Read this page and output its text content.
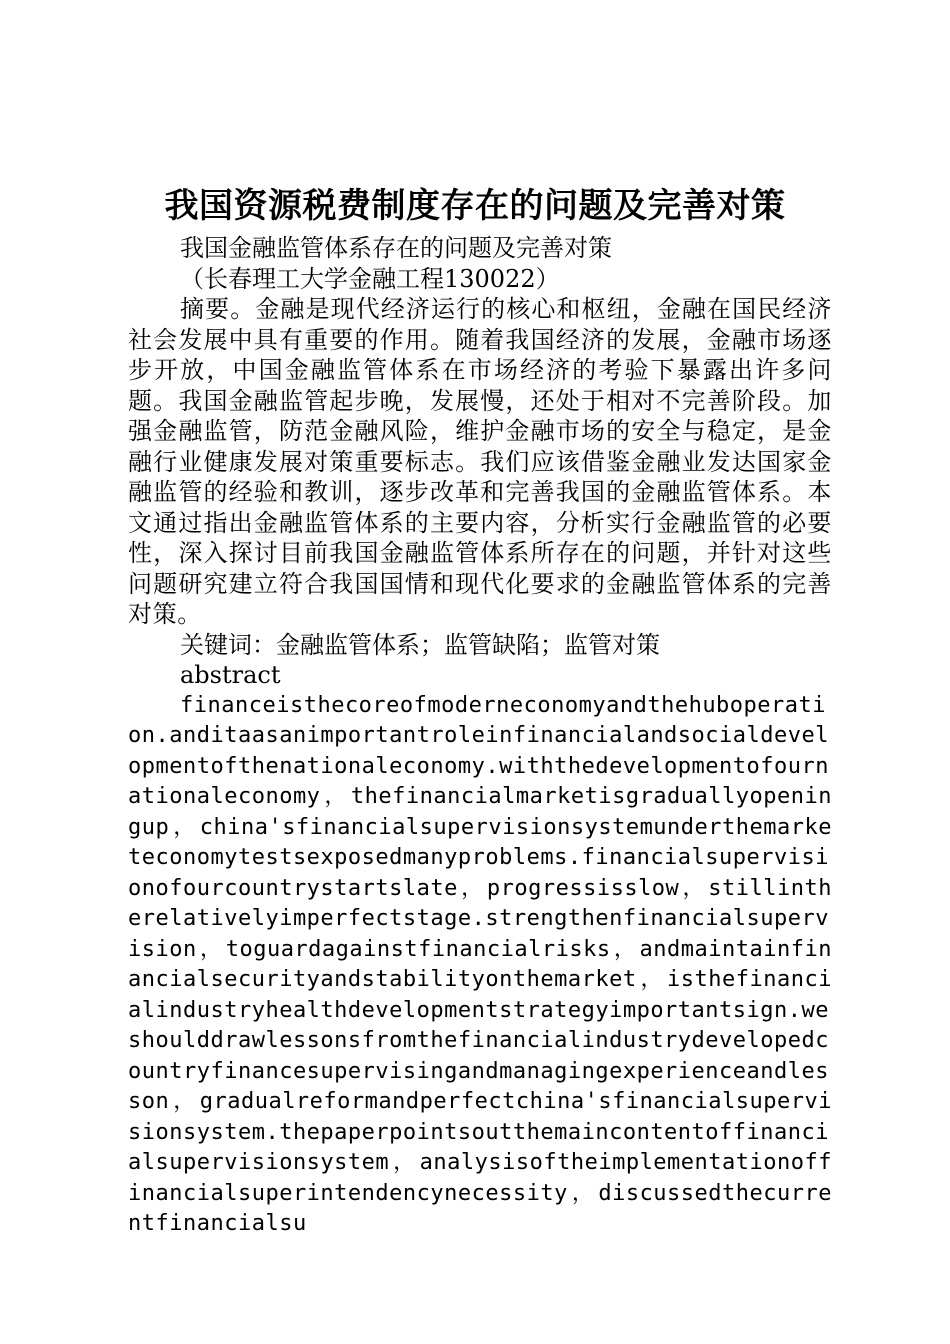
我国资源税费制度存在的问题及完善对策

我国金融监管体系存在的问题及完善对策

（长春理工大学金融工程130022）

摘要。金融是现代经济运行的核心和枢纽，金融在国民经济社会发展中具有重要的作用。随着我国经济的发展，金融市场逐步开放，中国金融监管体系在市场经济的考验下暴露出许多问题。我国金融监管起步晚，发展慢，还处于相对不完善阶段。加强金融监管，防范金融风险，维护金融市场的安全与稳定，是金融行业健康发展对策重要标志。我们应该借鉴金融业发达国家金融监管的经验和教训，逐步改革和完善我国的金融监管体系。本文通过指出金融监管体系的主要内容，分析实行金融监管的必要性，深入探讨目前我国金融监管体系所存在的问题，并针对这些问题研究建立符合我国国情和现代化要求的金融监管体系的完善对策。

关键词：金融监管体系；监管缺陷；监管对策

abstract

financeisthecoreofmoderneconomyandthehuboperation.anditaasanimportantroleinfinancialandsocialdevelopmentofthenationaleconomy.withthedevelopmentofournationaleconomy，thefinancialmarketisgraduallyopeningup，china'sfinancialsupervisionsystemunderthemarketeconomytestsexposedmanyproblems.financialsupervisionofourcountrystartslate，progressisslow，stillintherelativelyimperfectstage.strengthenfinancialsupervision，toguardagainstfinancialrisks，andmaintainfinancialsecurityandstabilityonthemarket，isthefinancialindustryhealthdevelopmentstrategyimportantsign.weshoulddrawlessonsfromthefinancialindustrydevelopedcountryfinancesupervisingandmanagingexperienceandlesson，gradualreformandperfectchina'sfinancialsupervisionsystem.thepaperpointsoutthemaincontentoffinancialsupervisionsystem，analysisoftheimplementationoffinancialsuperintendencynecessity，discussedthecurrentfinancialsu
